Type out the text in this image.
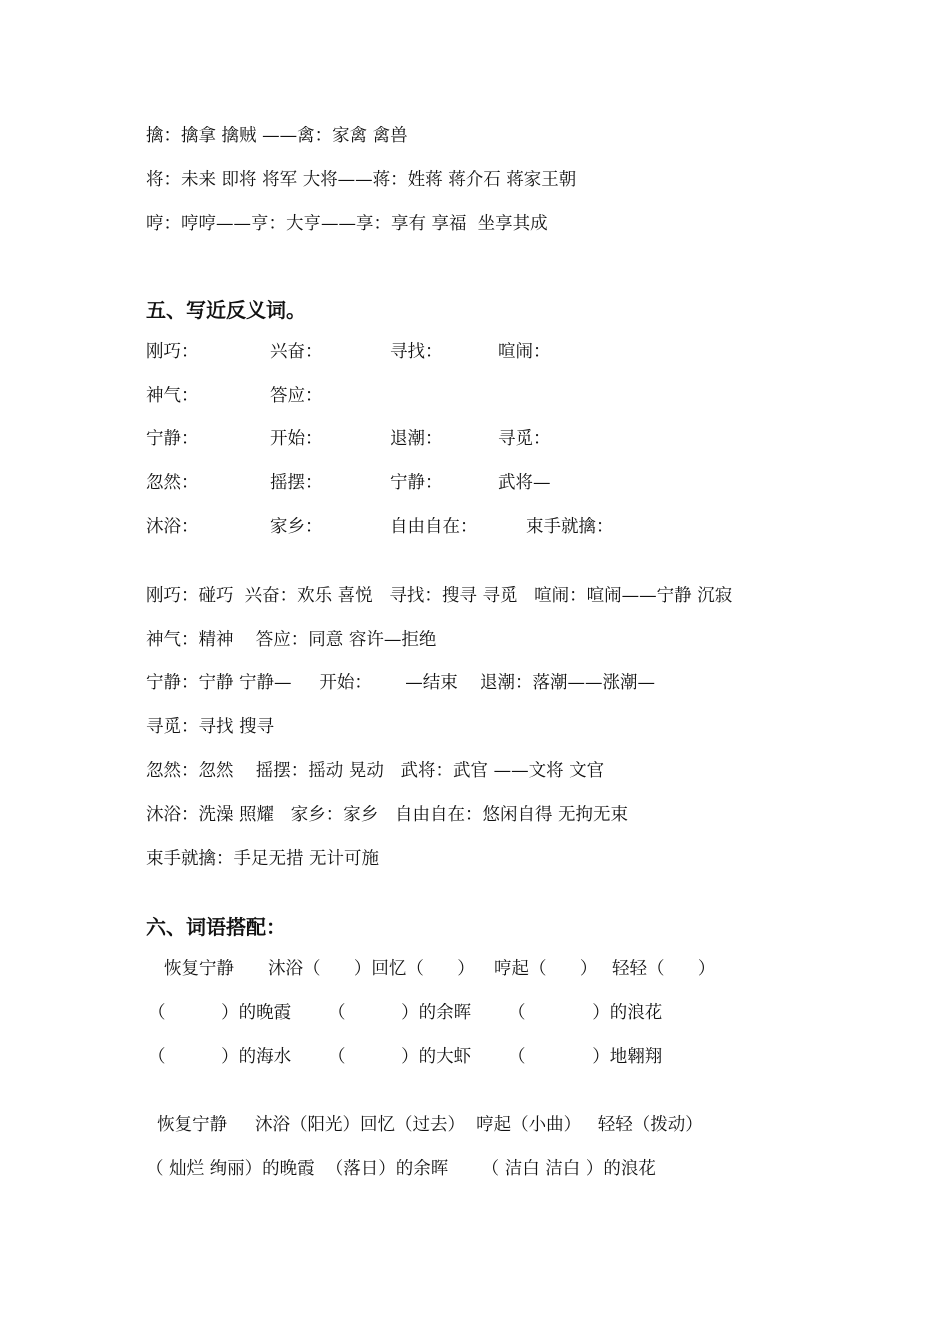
擒：擒拿 擒贼 ——禽：家禽 禽兽
将：未来 即将 将军 大将——蒋：姓蒋 蒋介石 蒋家王朝
哼：哼哼——亨：大亨——享：享有 享福  坐享其成
五、写近反义词。
刚巧：	兴奋：	寻找：	喧闹：
神气：	答应：
宁静：	开始：	退潮：	寻觅：
忽然：	摇摆：	宁静：	武将—
沐浴：	家乡：	自由自在：	束手就擒：
刚巧：碰巧  兴奋：欢乐 喜悦   寻找：搜寻 寻觅   喧闹：喧闹——宁静 沉寂
神气：精神    答应：同意 容许—拒绝
宁静：宁静 宁静—     开始：      —结束    退潮：落潮——涨潮—
寻觅：寻找 搜寻
忽然：忽然    摇摆：摇动 晃动   武将：武官 ——文将 文官
沐浴：洗澡 照耀   家乡：家乡   自由自在：悠闲自得 无拘无束
束手就擒：手足无措 无计可施
六、词语搭配：
恢复宁静 沐浴（      ）回忆（      ） 哼起（      ） 轻轻（      ）
（          ）的晚霞 （          ）的余晖 （            ）的浪花
（          ）的海水 （          ）的大虾 （            ）地翱翔
恢复宁静     沐浴（阳光）回忆（过去）  哼起（小曲）   轻轻（拨动）
（ 灿烂 绚丽）的晚霞  （落日）的余晖      （ 洁白 洁白 ）的浪花
